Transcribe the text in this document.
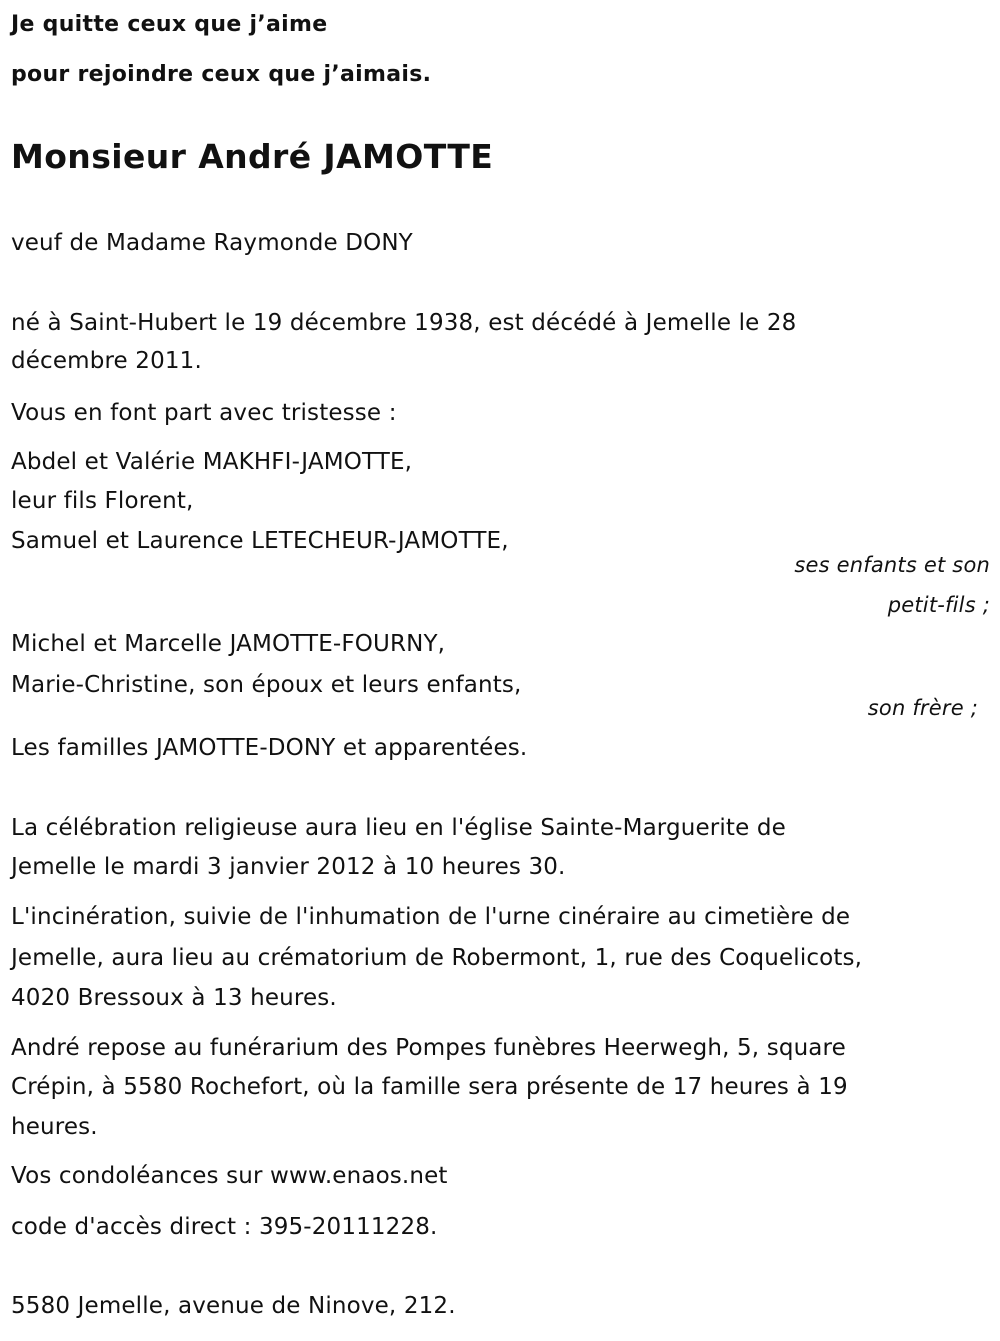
Je quitte ceux que j’aime
pour rejoindre ceux que j’aimais.
Monsieur André JAMOTTE
veuf de Madame Raymonde DONY
né à Saint-Hubert le 19 décembre 1938, est décédé à Jemelle le 28
décembre 2011.
Vous en font part avec tristesse :
Abdel et Valérie MAKHFI-JAMOTTE,
leur fils Florent,
Samuel et Laurence LETECHEUR-JAMOTTE,
ses enfants et son
petit-fils ;
Michel et Marcelle JAMOTTE-FOURNY,
Marie-Christine, son époux et leurs enfants,
son frère ;
Les familles JAMOTTE-DONY et apparentées.
La célébration religieuse aura lieu en l'église Sainte-Marguerite de
Jemelle le mardi 3 janvier 2012 à 10 heures 30.
L'incinération, suivie de l'inhumation de l'urne cinéraire au cimetière de
Jemelle, aura lieu au crématorium de Robermont, 1, rue des Coquelicots,
4020 Bressoux à 13 heures.
André repose au funérarium des Pompes funèbres Heerwegh, 5, square
Crépin, à 5580 Rochefort, où la famille sera présente de 17 heures à 19
heures.
Vos condoléances sur www.enaos.net
code d'accès direct : 395-20111228.
5580 Jemelle, avenue de Ninove, 212.
